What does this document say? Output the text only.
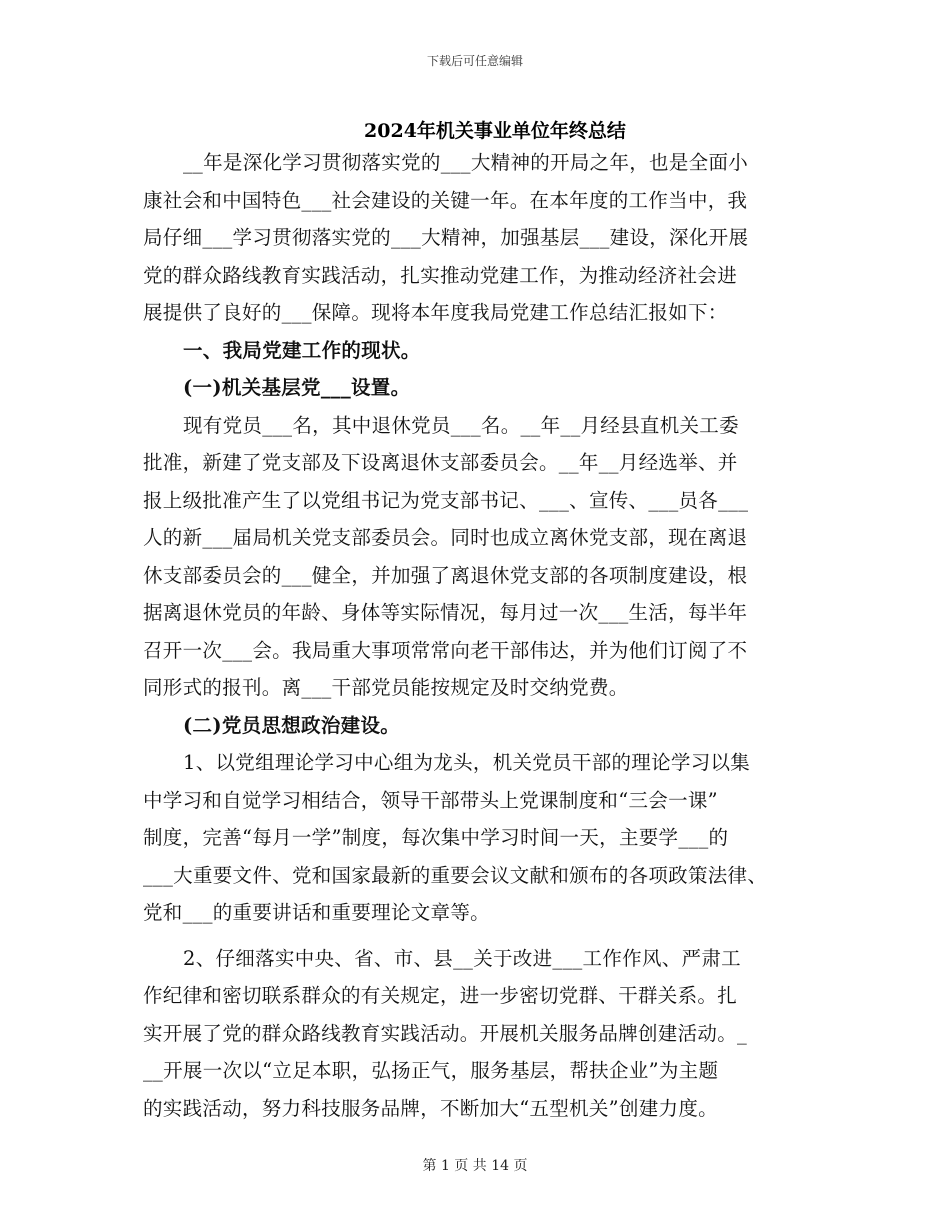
下载后可任意编辑
2024年机关事业单位年终总结
__年是深化学习贯彻落实党的___大精神的开局之年，也是全面小
康社会和中国特色___社会建设的关键一年。在本年度的工作当中，我
局仔细___学习贯彻落实党的___大精神，加强基层___建设，深化开展
党的群众路线教育实践活动，扎实推动党建工作，为推动经济社会进
展提供了良好的___保障。现将本年度我局党建工作总结汇报如下：
一、我局党建工作的现状。
(一)机关基层党___设置。
现有党员___名，其中退休党员___名。__年__月经县直机关工委
批准，新建了党支部及下设离退休支部委员会。__年__月经选举、并
报上级批准产生了以党组书记为党支部书记、___、宣传、___员各___
人的新___届局机关党支部委员会。同时也成立离休党支部，现在离退
休支部委员会的___健全，并加强了离退休党支部的各项制度建设，根
据离退休党员的年龄、身体等实际情况，每月过一次___生活，每半年
召开一次___会。我局重大事项常常向老干部伟达，并为他们订阅了不
同形式的报刊。离___干部党员能按规定及时交纳党费。
(二)党员思想政治建设。
1、以党组理论学习中心组为龙头，机关党员干部的理论学习以集
中学习和自觉学习相结合，领导干部带头上党课制度和“三会一课”
制度，完善“每月一学”制度，每次集中学习时间一天，主要学___的
___大重要文件、党和国家最新的重要会议文献和颁布的各项政策法律、
党和___的重要讲话和重要理论文章等。
2、仔细落实中央、省、市、县__关于改进___工作作风、严肃工
作纪律和密切联系群众的有关规定，进一步密切党群、干群关系。扎
实开展了党的群众路线教育实践活动。开展机关服务品牌创建活动。_
__开展一次以“立足本职，弘扬正气，服务基层，帮扶企业”为主题
的实践活动，努力科技服务品牌，不断加大“五型机关”创建力度。
第 1 页 共 14 页
